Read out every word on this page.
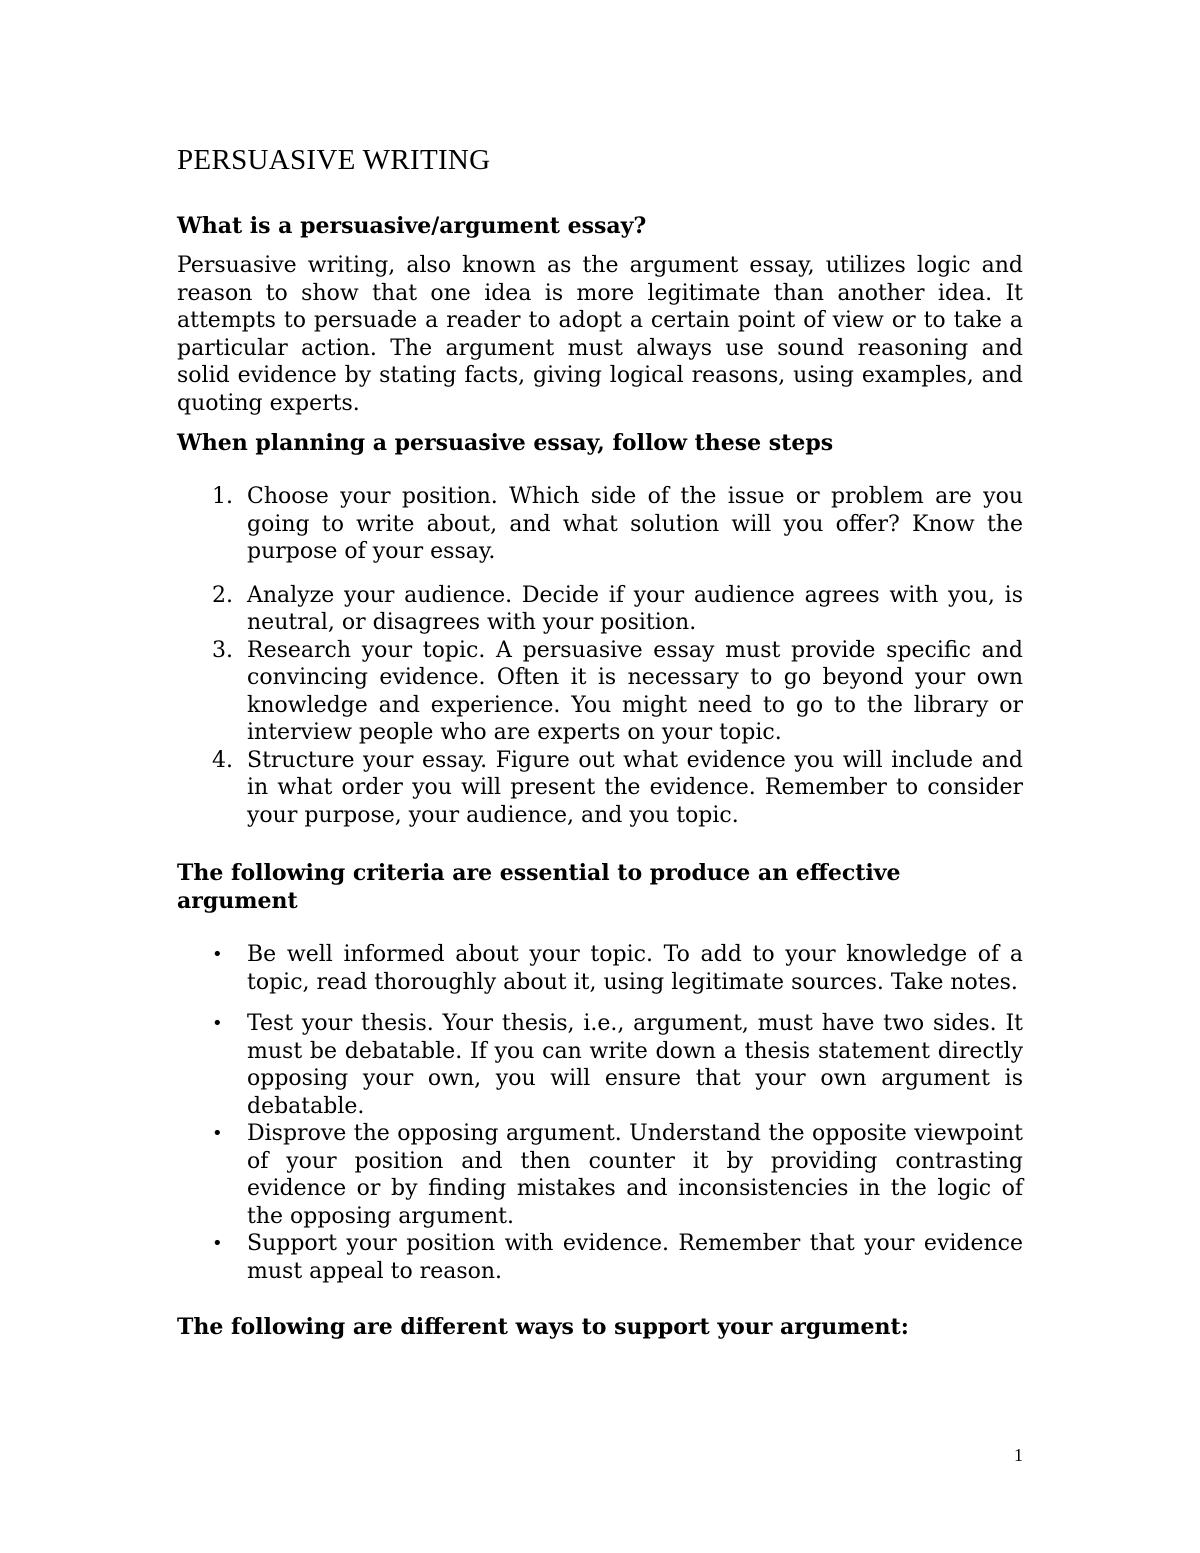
PERSUASIVE WRITING
What is a persuasive/argument essay?

Persuasive writing, also known as the argument essay, utilizes logic and reason to show that one idea is more legitimate than another idea. It attempts to persuade a reader to adopt a certain point of view or to take a particular action. The argument must always use sound reasoning and solid evidence by stating facts, giving logical reasons, using examples, and quoting experts.

When planning a persuasive essay, follow these steps
1. Choose your position. Which side of the issue or problem are you going to write about, and what solution will you offer? Know the purpose of your essay.
2. Analyze your audience. Decide if your audience agrees with you, is neutral, or disagrees with your position.
3. Research your topic. A persuasive essay must provide specific and convincing evidence. Often it is necessary to go beyond your own knowledge and experience. You might need to go to the library or interview people who are experts on your topic.
4. Structure your essay. Figure out what evidence you will include and in what order you will present the evidence. Remember to consider your purpose, your audience, and you topic.
The following criteria are essential to produce an effective argument
• Be well informed about your topic. To add to your knowledge of a topic, read thoroughly about it, using legitimate sources. Take notes.
• Test your thesis. Your thesis, i.e., argument, must have two sides. It must be debatable. If you can write down a thesis statement directly opposing your own, you will ensure that your own argument is debatable.
• Disprove the opposing argument. Understand the opposite viewpoint of your position and then counter it by providing contrasting evidence or by finding mistakes and inconsistencies in the logic of the opposing argument.
• Support your position with evidence. Remember that your evidence must appeal to reason.
The following are different ways to support your argument:
1
